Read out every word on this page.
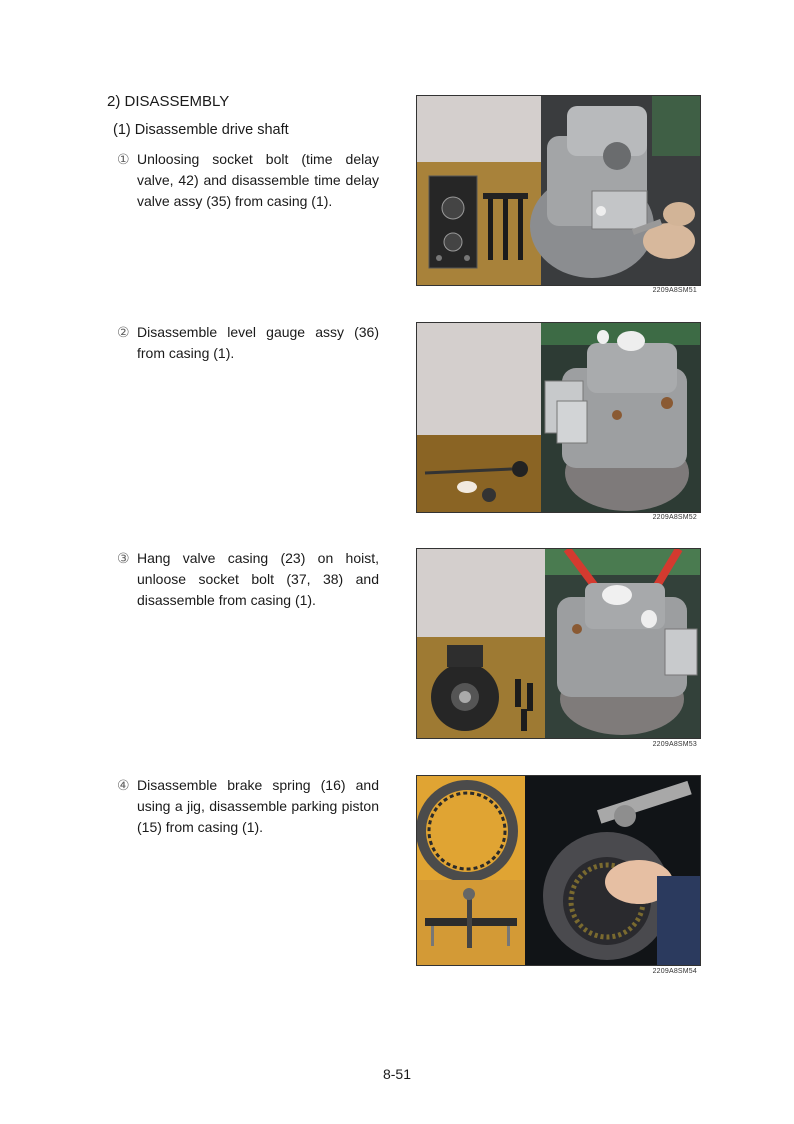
2) DISASSEMBLY
(1) Disassemble drive shaft
① Unloosing socket bolt (time delay valve, 42) and disassemble time delay valve assy (35) from casing (1).
2209A8SM51
② Disassemble level gauge assy (36) from casing (1).
2209A8SM52
③ Hang valve casing (23) on hoist, unloose socket bolt (37, 38) and disassemble from casing (1).
2209A8SM53
④ Disassemble brake spring (16) and using a jig, disassemble parking piston (15) from casing (1).
2209A8SM54
8-51
